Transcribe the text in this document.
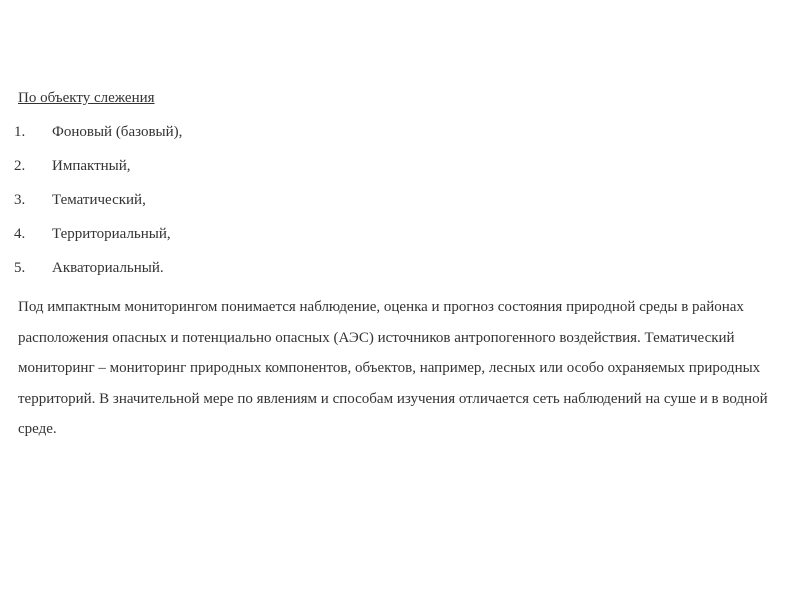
По объекту слежения
1. Фоновый (базовый),
2. Импактный,
3. Тематический,
4. Территориальный,
5. Акваториальный.

Под импактным мониторингом понимается наблюдение, оценка и прогноз состояния природной среды в районах расположения опасных и потенциально опасных (АЭС) источников антропогенного воздействия. Тематический мониторинг – мониторинг природных компонентов, объектов, например, лесных или особо охраняемых природных территорий. В значительной мере по явлениям и способам изучения отличается сеть наблюдений на суше и в водной среде.
